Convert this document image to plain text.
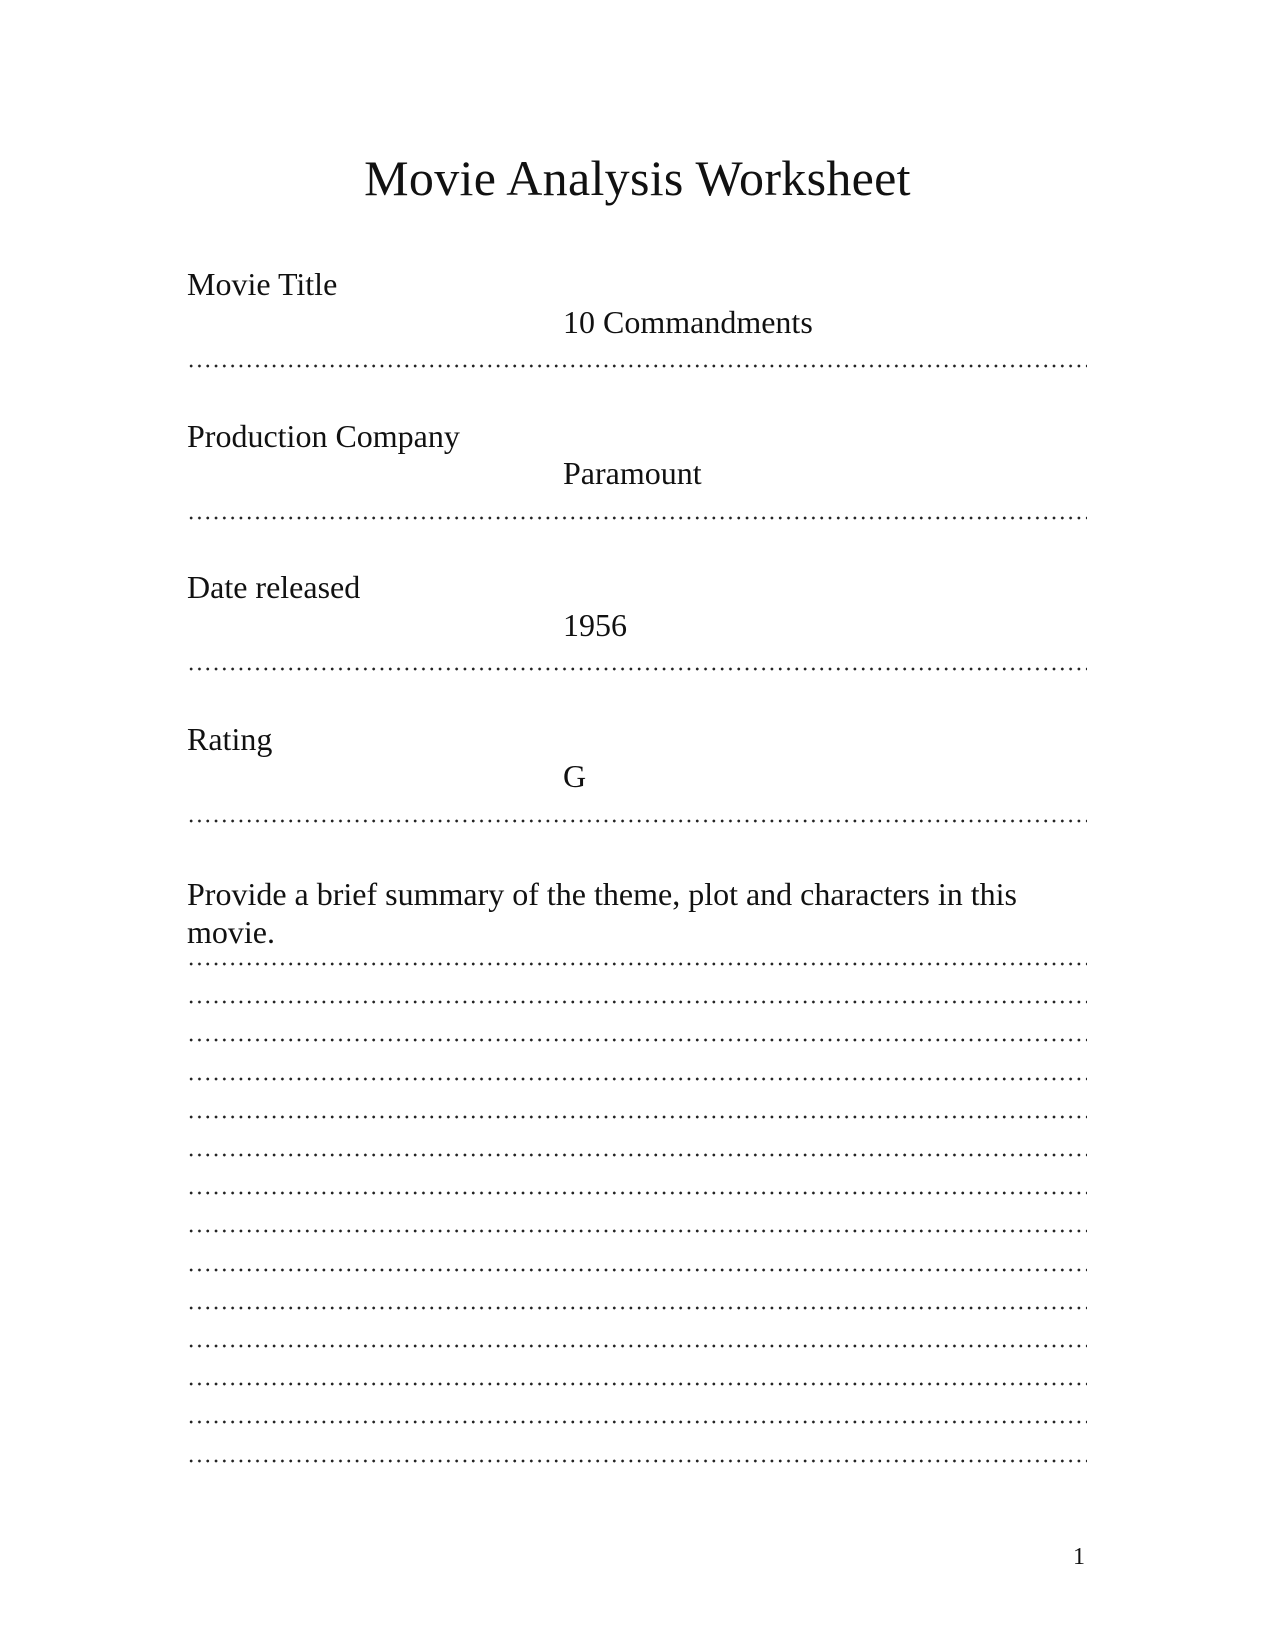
Movie Analysis Worksheet
Movie Title
10 Commandments
Production Company
Paramount
Date released
1956
Rating
G
Provide a brief summary of the theme, plot and characters in this movie.
1
